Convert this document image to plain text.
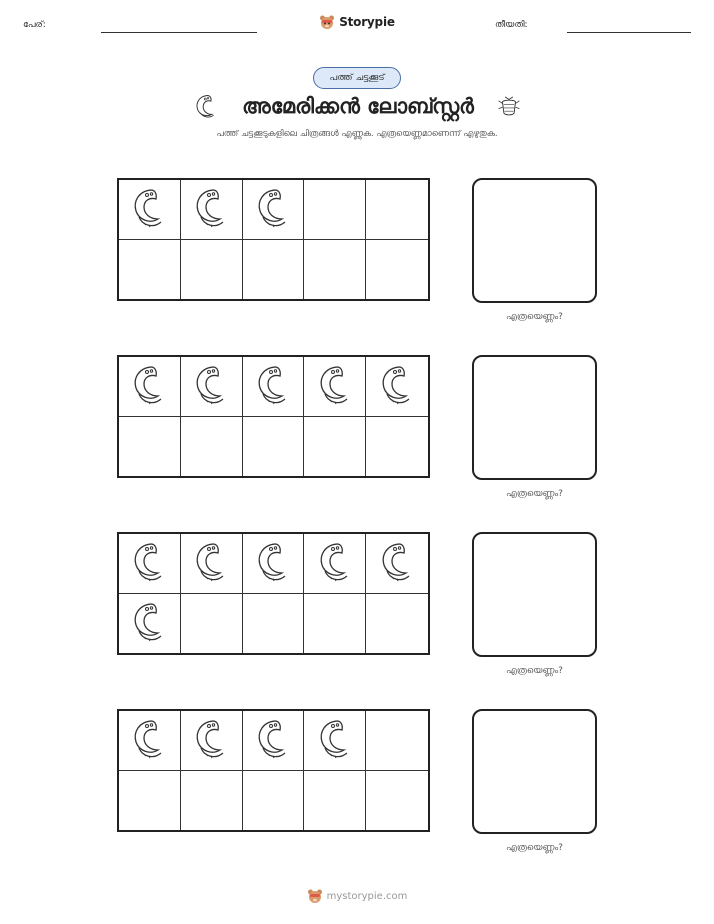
പേര്:	Storypie	തീയതി:
പത്ത് ചട്ടക്കൂട്
അമേരിക്കൻ ലോബ്സ്റ്റർ
പത്ത് ചട്ടക്കൂടുകളിലെ ചിത്രങ്ങൾ എണ്ണുക. എത്രയെണ്ണമാണെന്ന് എഴുതുക.
എത്രയെണ്ണം?
എത്രയെണ്ണം?
എത്രയെണ്ണം?
എത്രയെണ്ണം?
mystorypie.com
